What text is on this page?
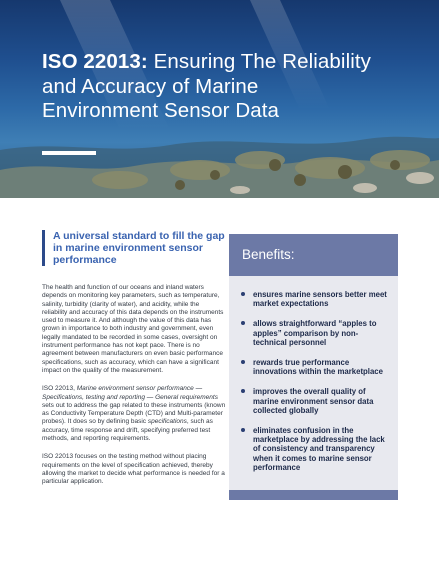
ISO 22013: Ensuring The Reliability and Accuracy of Marine Environment Sensor Data
A universal standard to fill the gap in marine environment sensor performance

The health and function of our oceans and inland waters depends on monitoring key parameters, such as temperature, salinity, turbidity (clarity of water), and acidity, while the reliability and accuracy of this data depends on the instruments used to measure it. And although the value of this data has grown in importance to both industry and government, even legally mandated to be recorded in some cases, oversight on instrument performance has not kept pace. There is no agreement between manufacturers on even basic performance specifications, such as accuracy, which can have a significant impact on the quality of the measurement.

ISO 22013, Marine environment sensor performance — Specifications, testing and reporting — General requirements sets out to address the gap related to these instruments (known as Conductivity Temperature Depth (CTD) and Multi-parameter probes). It does so by defining basic specifications, such as accuracy, time response and drift, specifying preferred test methods, and reporting requirements.

ISO 22013 focuses on the testing method without placing requirements on the level of specification achieved, thereby allowing the market to decide what performance is needed for a particular application.

Benefits:
ensures marine sensors better meet market expectations
allows straightforward “apples to apples” comparison by non-technical personnel
rewards true performance innovations within the marketplace
improves the overall quality of marine environment sensor data collected globally
eliminates confusion in the marketplace by addressing the lack of consistency and transparency when it comes to marine sensor performance
